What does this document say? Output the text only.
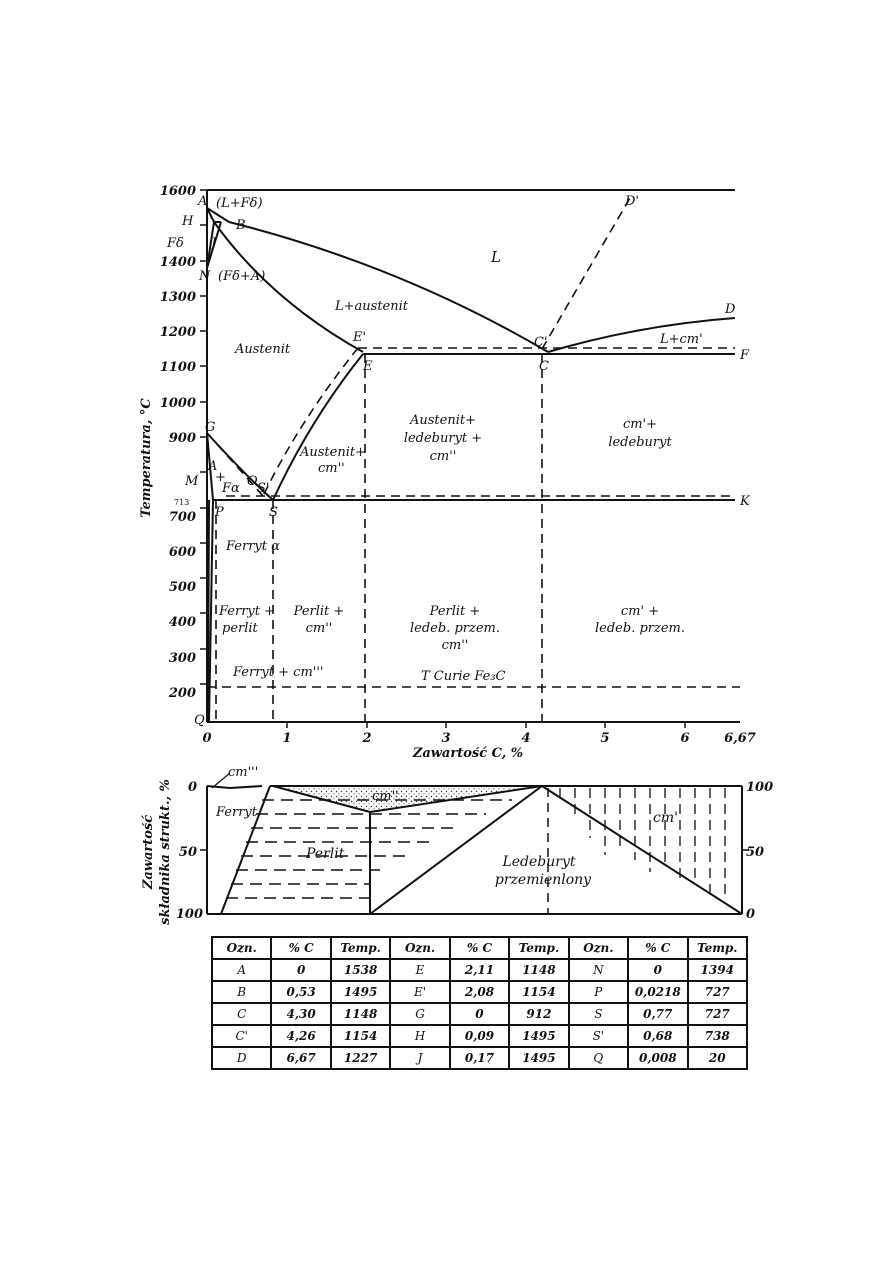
1600
1400
1300
1200
1100
1000
900
700
600
500
400
300
200
H
Fδ
M
713
Q
Temperatura, °C
0	1	2	3	4	5	6	6,67
Zawartość C, %
A
B
J
N
G
O S'
S
P
E'
E
C'
C
D
D'
F
K
(L+Fδ)
(Fδ+A)
L
L+austenit
L+cm'
Austenit
Austenit+
cm''
Austenit+
ledeburyt +
cm''
cm'+
ledeburyt
A
+
Fα
Ferryt α
Ferryt +
perlit
Perlit +
cm''
Perlit +
ledeb. przem.
cm''
cm' +
ledeb. przem.
Ferryt + cm'''	T Curie Fe₃C
0
50
100
100
50
0
Zawartość składnika strukt., %
cm'''
Ferryt
Perlit
cm''
Ledeburyt
przemienlony
cm'
Ozn.	% C	Temp.	Ozn.	% C	Temp.	Ozn.	% C	Temp.
A	0	1538	E	2,11	1148	N	0	1394
B	0,53	1495	E'	2,08	1154	P	0,0218	727
C	4,30	1148	G	0	912	S	0,77	727
C'	4,26	1154	H	0,09	1495	S'	0,68	738
D	6,67	1227	J	0,17	1495	Q	0,008	20
